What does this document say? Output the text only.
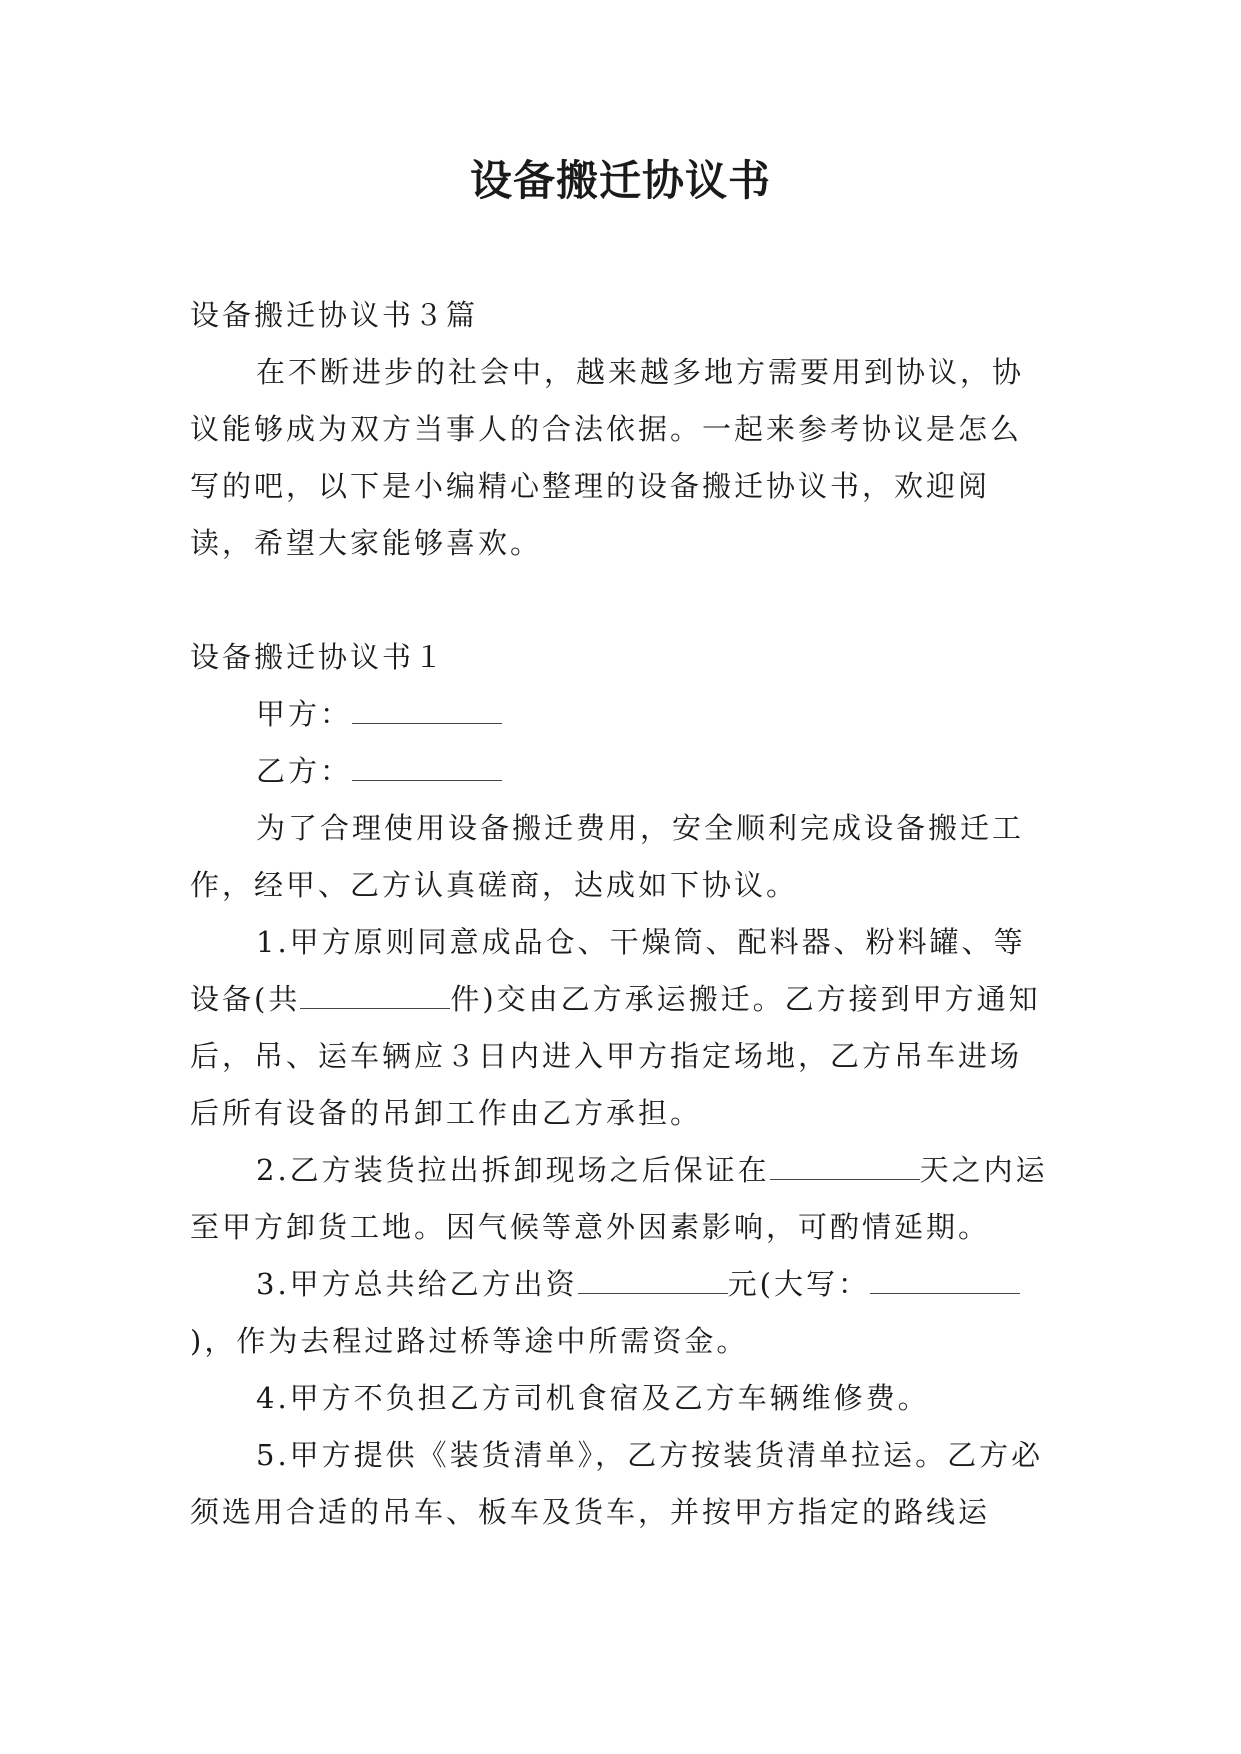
设备搬迁协议书

设备搬迁协议书３篇

在不断进步的社会中，越来越多地方需要用到协议，协议能够成为双方当事人的合法依据。一起来参考协议是怎么写的吧，以下是小编精心整理的设备搬迁协议书，欢迎阅读，希望大家能够喜欢。

设备搬迁协议书１

甲方：

乙方：

为了合理使用设备搬迁费用，安全顺利完成设备搬迁工作，经甲、乙方认真磋商，达成如下协议。

1.甲方原则同意成品仓、干燥筒、配料器、粉料罐、等设备(共	件)交由乙方承运搬迁。乙方接到甲方通知后，吊、运车辆应３日内进入甲方指定场地，乙方吊车进场后所有设备的吊卸工作由乙方承担。

2.乙方装货拉出拆卸现场之后保证在	天之内运至甲方卸货工地。因气候等意外因素影响，可酌情延期。

3.甲方总共给乙方出资	元(大写：)，作为去程过路过桥等途中所需资金。

4.甲方不负担乙方司机食宿及乙方车辆维修费。

5.甲方提供《装货清单》，乙方按装货清单拉运。乙方必须选用合适的吊车、板车及货车，并按甲方指定的路线运
